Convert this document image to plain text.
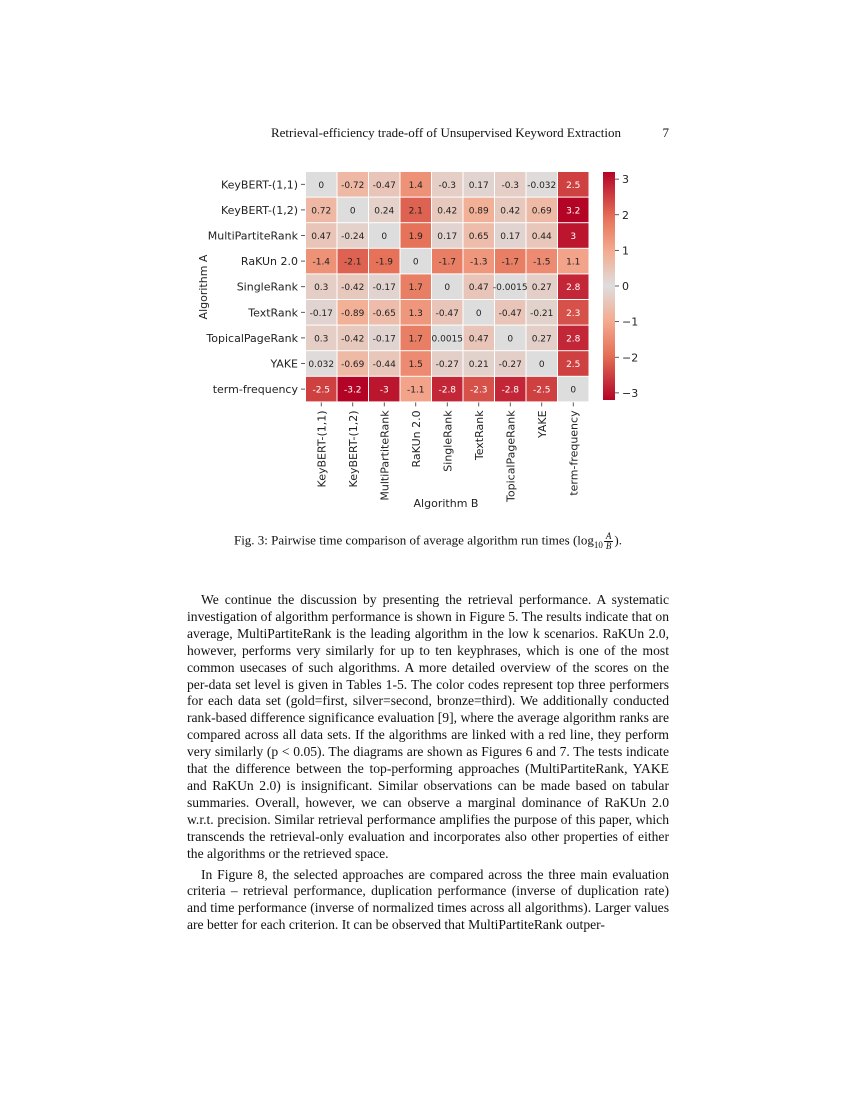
Retrieval-efficiency trade-off of Unsupervised Keyword Extraction	7
0 -0.72 -0.47 1.4 -0.3 0.17 -0.3 -0.032 2.5
0.72 0 0.24 2.1 0.42 0.89 0.42 0.69 3.2
0.47 -0.24 0 1.9 0.17 0.65 0.17 0.44 3
-1.4 -2.1 -1.9 0 -1.7 -1.3 -1.7 -1.5 1.1
0.3 -0.42 -0.17 1.7 0 0.47 -0.0015 0.27 2.8
-0.17 -0.89 -0.65 1.3 -0.47 0 -0.47 -0.21 2.3
0.3 -0.42 -0.17 1.7 0.0015 0.47 0 0.27 2.8
0.032 -0.69 -0.44 1.5 -0.27 0.21 -0.27 0 2.5
-2.5 -3.2 -3 -1.1 -2.8 -2.3 -2.8 -2.5 0
KeyBERT-(1,1)
KeyBERT-(1,2)
MultiPartiteRank
RaKUn 2.0
SingleRank
TextRank
TopicalPageRank
YAKE
term-frequency
KeyBERT-(1,1) KeyBERT-(1,2) MultiPartiteRank RaKUn 2.0 SingleRank TextRank TopicalPageRank YAKE term-frequency
Algorithm A
Algorithm B
3
2
1
0
−1
−2
−3
Fig. 3: Pairwise time comparison of average algorithm run times ($\log_{10} \frac{A}{B}$ ).

We continue the discussion by presenting the retrieval performance. A systematic investigation of algorithm performance is shown in Figure 5. The results indicate that on average, MultiPartiteRank is the leading algorithm in the low k scenarios. RaKUn 2.0, however, performs very similarly for up to ten keyphrases, which is one of the most common usecases of such algorithms. A more detailed overview of the scores on the per-data set level is given in Tables 1-5. The color codes represent top three performers for each data set (gold=first, silver=second, bronze=third). We additionally conducted rank-based difference significance evaluation [9], where the average algorithm ranks are compared across all data sets. If the algorithms are linked with a red line, they perform very similarly (p < 0.05). The diagrams are shown as Figures 6 and 7. The tests indicate that the difference between the top-performing approaches (MultiPartiteRank, YAKE and RaKUn 2.0) is insignificant. Similar observations can be made based on tabular summaries. Overall, however, we can observe a marginal dominance of RaKUn 2.0 w.r.t. precision. Similar retrieval performance amplifies the purpose of this paper, which transcends the retrieval-only evaluation and incorporates also other properties of either the algorithms or the retrieved space.

In Figure 8, the selected approaches are compared across the three main evaluation criteria – retrieval performance, duplication performance (inverse of duplication rate) and time performance (inverse of normalized times across all algorithms). Larger values are better for each criterion. It can be observed that MultiPartiteRank outper-
